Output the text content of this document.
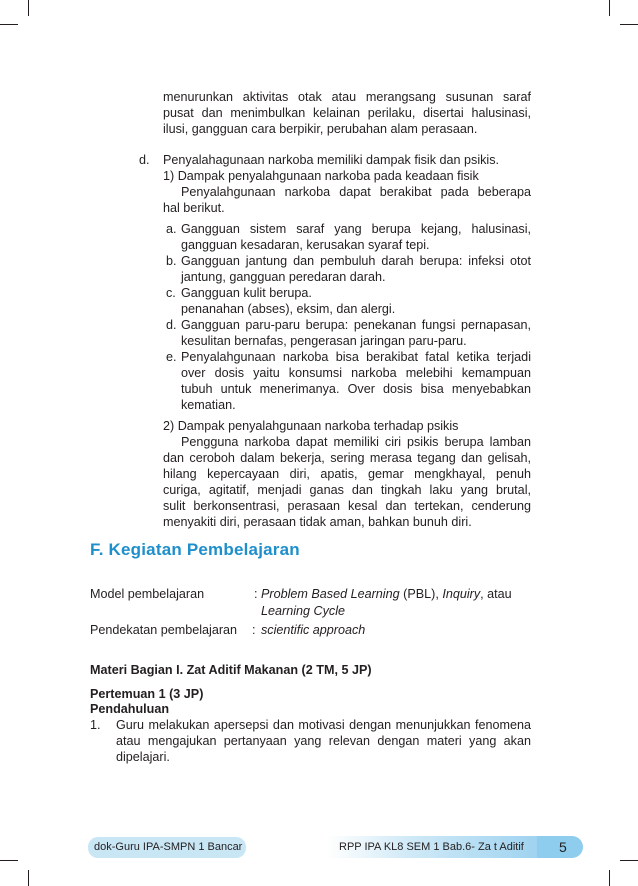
menurunkan aktivitas otak atau merangsang susunan saraf
pusat dan menimbulkan kelainan perilaku, disertai halusinasi,
ilusi, gangguan cara berpikir, perubahan alam perasaan.
d. Penyalahagunaan narkoba memiliki dampak fisik dan psikis.
1) Dampak penyalahgunaan narkoba pada keadaan fisik
Penyalahgunaan narkoba dapat berakibat pada beberapa
hal berikut.
a. Gangguan sistem saraf yang berupa kejang, halusinasi,
gangguan kesadaran, kerusakan syaraf tepi.
b. Gangguan jantung dan pembuluh darah berupa: infeksi otot
jantung, gangguan peredaran darah.
c. Gangguan kulit berupa.
penanahan (abses), eksim, dan alergi.
d. Gangguan paru-paru berupa: penekanan fungsi pernapasan,
kesulitan bernafas, pengerasan jaringan paru-paru.
e. Penyalahgunaan narkoba bisa berakibat fatal ketika terjadi
over dosis yaitu konsumsi narkoba melebihi kemampuan
tubuh untuk menerimanya. Over dosis bisa menyebabkan
kematian.
2) Dampak penyalahgunaan narkoba terhadap psikis
Pengguna narkoba dapat memiliki ciri psikis berupa lamban
dan ceroboh dalam bekerja, sering merasa tegang dan gelisah,
hilang kepercayaan diri, apatis, gemar mengkhayal, penuh
curiga, agitatif, menjadi ganas dan tingkah laku yang brutal,
sulit berkonsentrasi, perasaan kesal dan tertekan, cenderung
menyakiti diri, perasaan tidak aman, bahkan bunuh diri.
F. Kegiatan Pembelajaran
Model pembelajaran	: Problem Based Learning (PBL), Inquiry, atau
Learning Cycle
Pendekatan pembelajaran : scientific approach
Materi Bagian I. Zat Aditif Makanan (2 TM, 5 JP)
Pertemuan 1 (3 JP)
Pendahuluan
1. Guru melakukan apersepsi dan motivasi dengan menunjukkan fenomena
atau mengajukan pertanyaan yang relevan dengan materi yang akan
dipelajari.
dok-Guru IPA-SMPN 1 Bancar	RPP IPA KL8 SEM 1 Bab.6- Za t Aditif	5
